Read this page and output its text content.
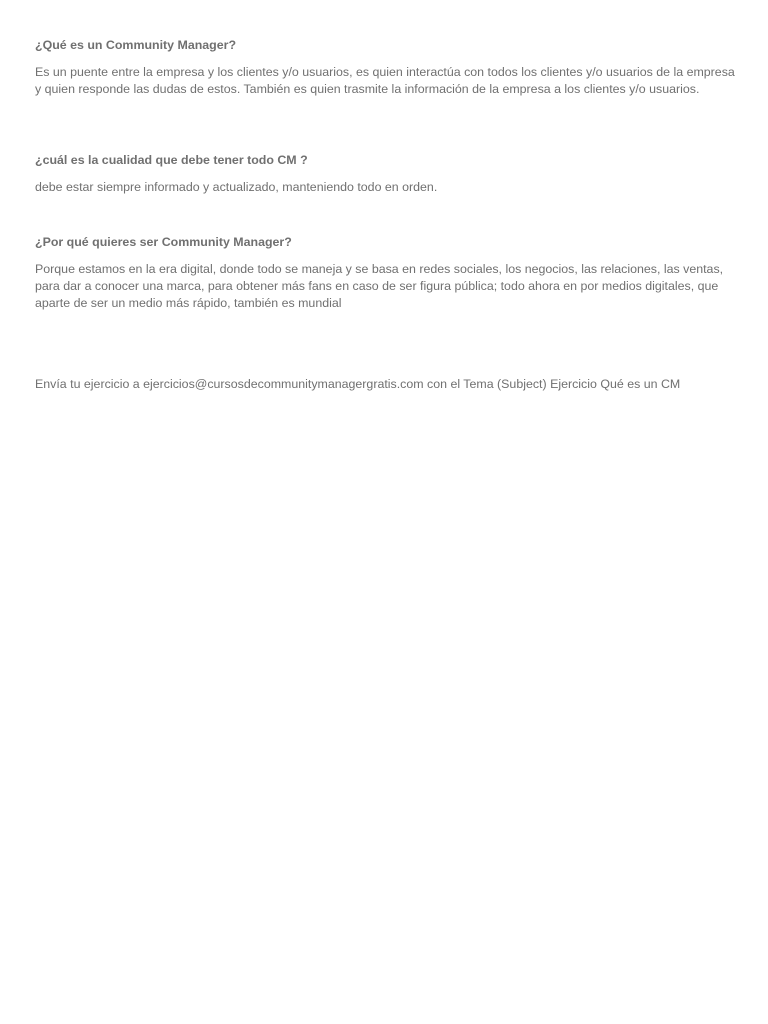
¿Qué es un Community Manager?

Es un puente entre la empresa y los clientes y/o usuarios, es quien interactúa con todos los clientes y/o usuarios de la empresa y quien responde las dudas de estos. También es quien trasmite la información de la empresa a los clientes y/o usuarios.

¿cuál es la cualidad que debe tener todo CM ?

debe estar siempre informado y actualizado, manteniendo todo en orden.

¿Por qué quieres ser Community Manager?

Porque estamos en la era digital, donde todo se maneja y se basa en redes sociales, los negocios, las relaciones, las ventas, para dar a conocer una marca, para obtener más fans en caso de ser figura pública; todo ahora en por medios digitales, que aparte de ser un medio más rápido, también es mundial

Envía tu ejercicio a ejercicios@cursosdecommunitymanagergratis.com con el Tema (Subject) Ejercicio Qué es un CM
